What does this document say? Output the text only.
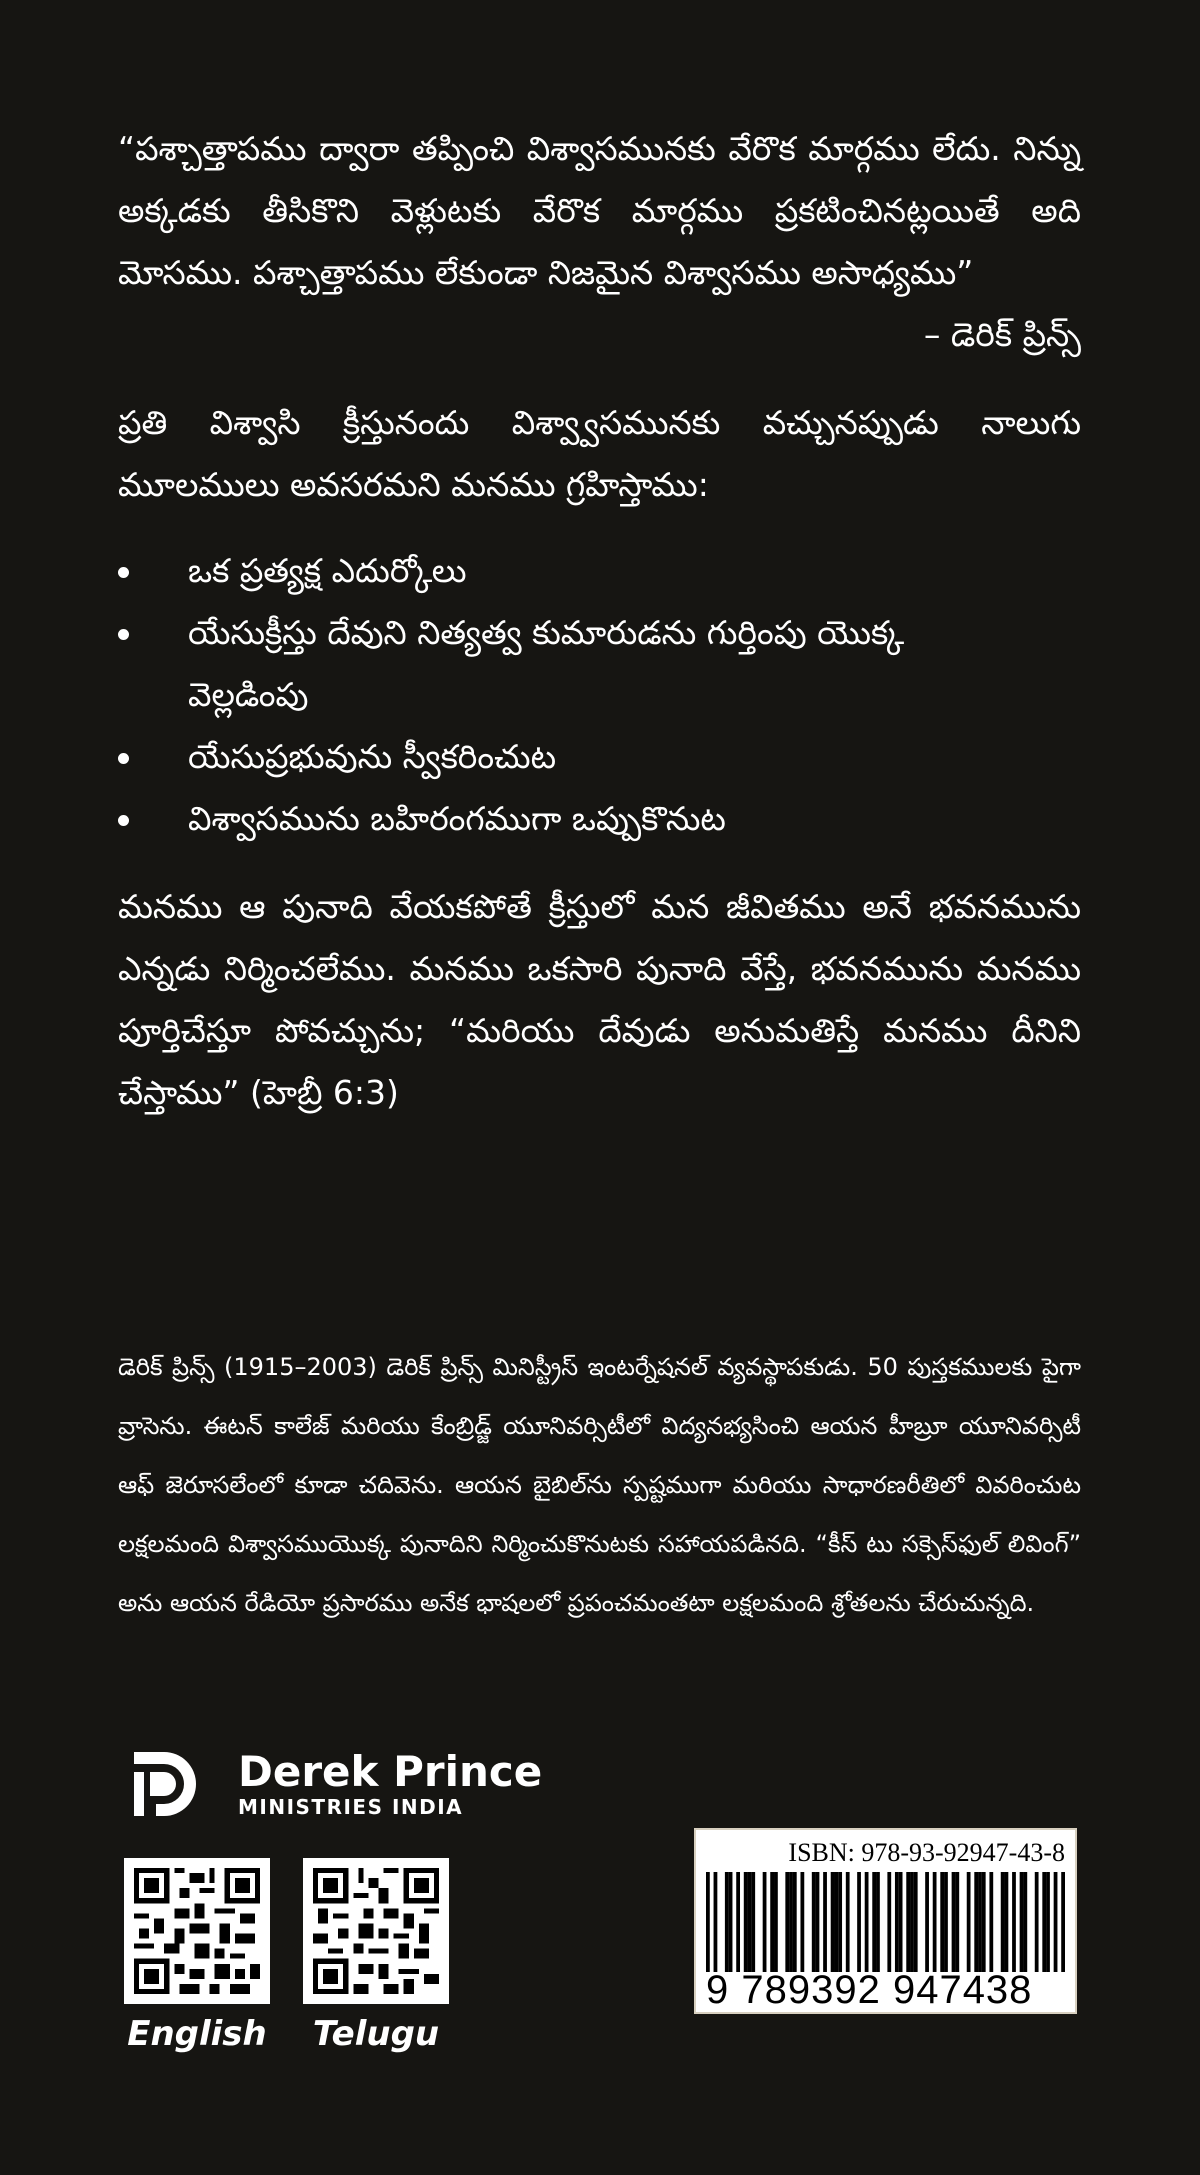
“పశ్చాత్తాపము ద్వారా తప్పించి విశ్వాసమునకు వేరొక మార్గము లేదు. నిన్ను అక్కడకు తీసికొని వెళ్లుటకు వేరొక మార్గము ప్రకటించినట్లయితే అది మోసము. పశ్చాత్తాపము లేకుండా నిజమైన విశ్వాసము అసాధ్యము”

– డెరిక్ ప్రిన్స్

ప్రతి విశ్వాసి క్రీస్తునందు విశ్వ్వాసమునకు వచ్చునప్పుడు నాలుగు మూలములు అవసరమని మనము గ్రహిస్తాము:

ఒక ప్రత్యక్ష ఎదుర్కోలు
యేసుక్రీస్తు దేవుని నిత్యత్వ కుమారుడను గుర్తింపు యొక్క వెల్లడింపు
యేసుప్రభువును స్వీకరించుట
విశ్వాసమును బహిరంగముగా ఒప్పుకొనుట

మనము ఆ పునాది వేయకపోతే క్రీస్తులో మన జీవితము అనే భవనమును ఎన్నడు నిర్మించలేము. మనము ఒకసారి పునాది వేస్తే, భవనమును మనము పూర్తిచేస్తూ పోవచ్చును; “మరియు దేవుడు అనుమతిస్తే మనము దీనిని చేస్తాము” (హెబ్రీ 6:3)

డెరిక్ ప్రిన్స్ (1915–2003) డెరిక్ ప్రిన్స్ మినిస్ట్రీస్ ఇంటర్నేషనల్ వ్యవస్థాపకుడు. 50 పుస్తకములకు పైగా వ్రాసెను. ఈటన్ కాలేజ్ మరియు కేంబ్రిడ్జ్ యూనివర్సిటీలో విద్యనభ్యసించి ఆయన హీబ్రూ యూనివర్సిటీ ఆఫ్ జెరూసలేంలో కూడా చదివెను. ఆయన బైబిల్‌ను స్పష్టముగా మరియు సాధారణరీతిలో వివరించుట లక్షలమంది విశ్వాసముయొక్క పునాదిని నిర్మించుకొనుటకు సహాయపడినది. “కీస్ టు సక్సెస్‌ఫుల్ లివింగ్” అను ఆయన రేడియో ప్రసారము అనేక భాషలలో ప్రపంచమంతటా లక్షలమంది శ్రోతలను చేరుచున్నది.

Derek Prince
MINISTRIES INDIA
English Telugu
ISBN: 978-93-92947-43-8
9 789392 947438
